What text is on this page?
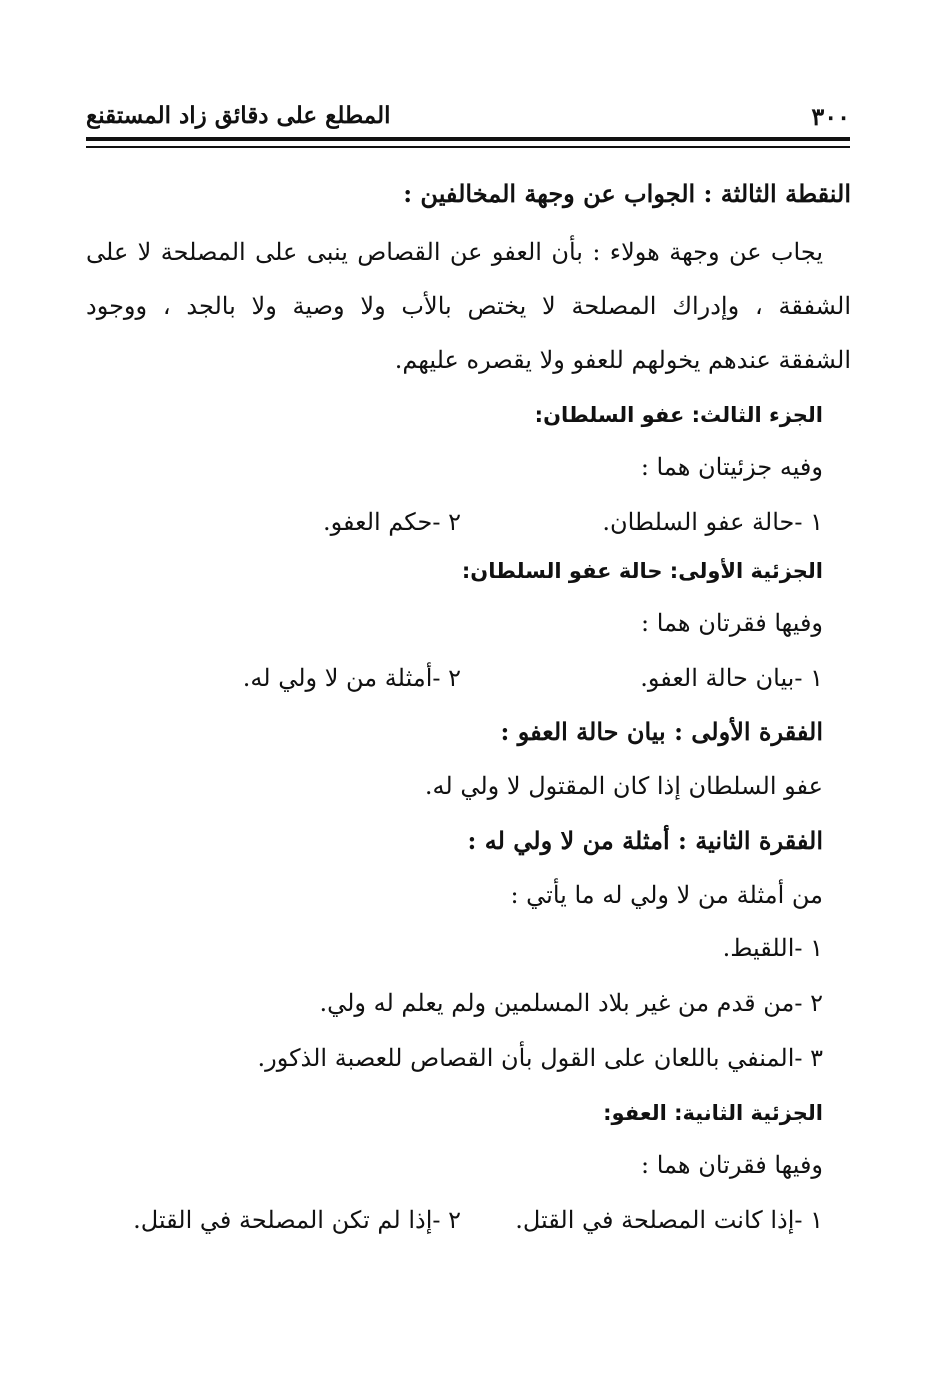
٣٠٠
المطلع على دقائق زاد المستقنع
النقطة الثالثة : الجواب عن وجهة المخالفين :
يجاب عن وجهة هولاء : بأن العفو عن القصاص ينبى على المصلحة لا على
الشفقة ، وإدراك المصلحة لا يختص بالأب ولا وصية ولا بالجد ، ووجود
الشفقة عندهم يخولهم للعفو ولا يقصره عليهم.
الجزء الثالث: عفو السلطان:
وفيه جزئيتان هما :
١ -حالة عفو السلطان.
٢ -حكم العفو.
الجزئية الأولى: حالة عفو السلطان:
وفيها فقرتان هما :
١ -بيان حالة العفو.
٢ -أمثلة من لا ولي له.
الفقرة الأولى : بيان حالة العفو :
عفو السلطان إذا كان المقتول لا ولي له.
الفقرة الثانية : أمثلة من لا ولي له :
من أمثلة من لا ولي له ما يأتي :
١ -اللقيط.
٢ -من قدم من غير بلاد المسلمين ولم يعلم له ولي.
٣ -المنفي باللعان على القول بأن القصاص للعصبة الذكور.
الجزئية الثانية: العفو:
وفيها فقرتان هما :
١ -إذا كانت المصلحة في القتل.
٢ -إذا لم تكن المصلحة في القتل.
